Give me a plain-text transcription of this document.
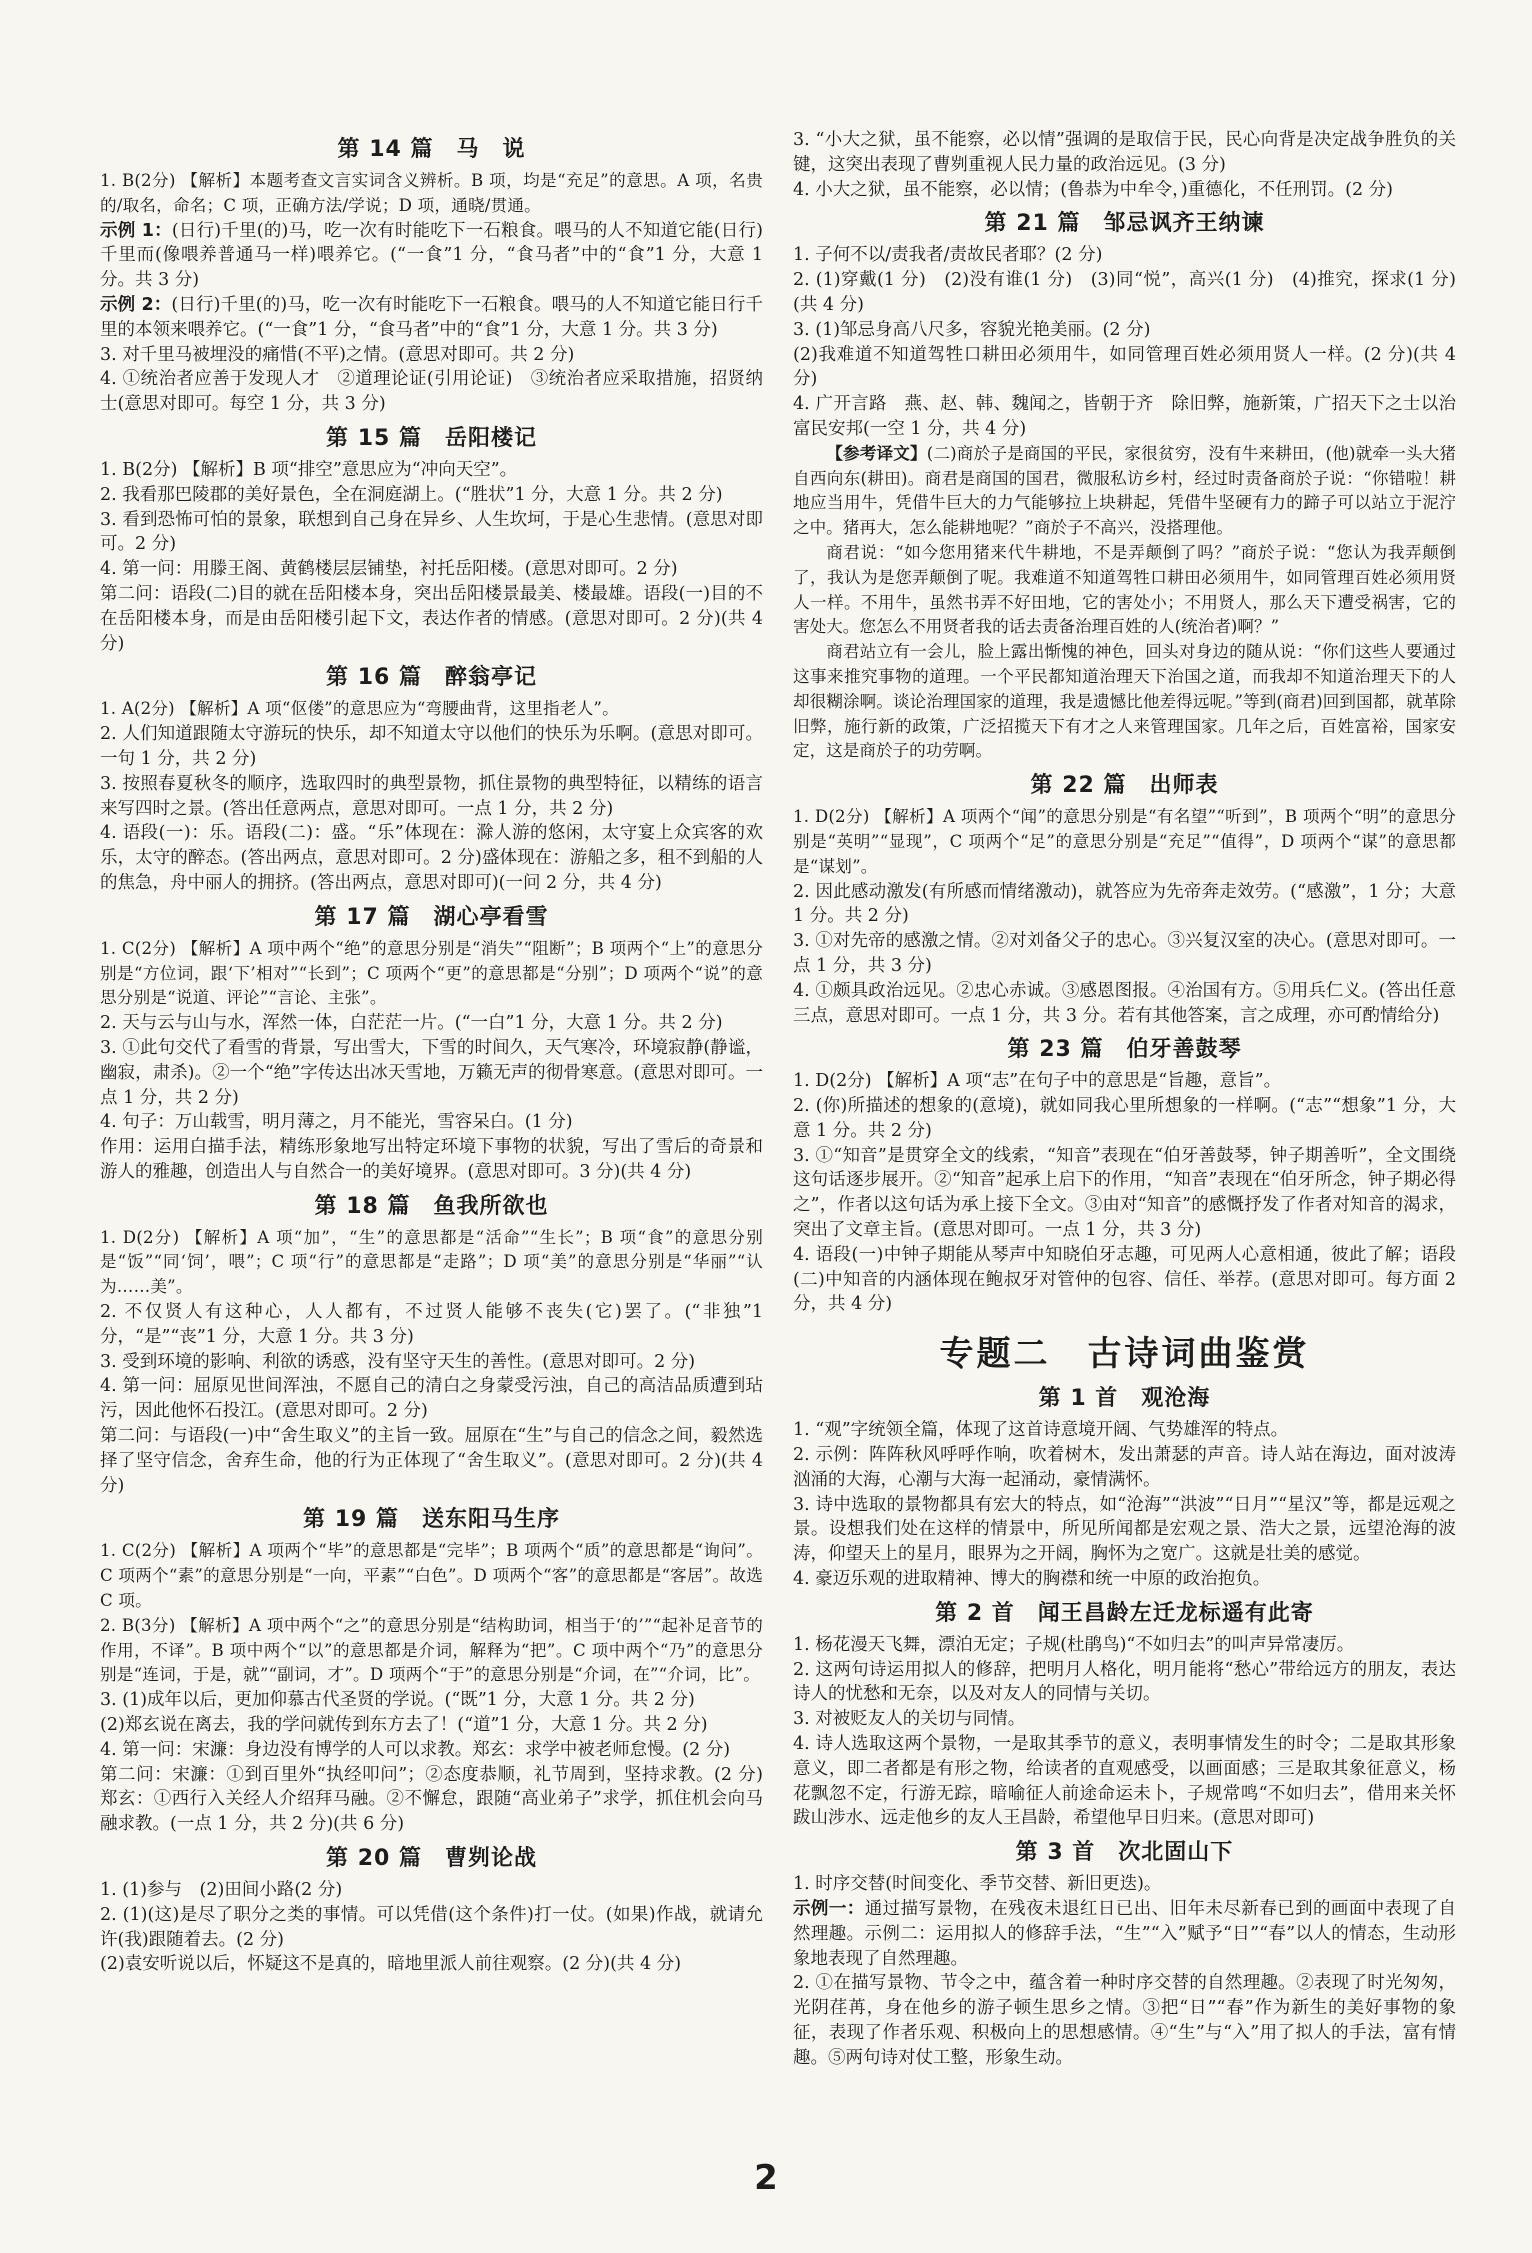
第 14 篇　马　说

1. B(2分) 【解析】本题考查文言实词含义辨析。B 项，均是“充足”的意思。A 项，名贵的/取名，命名；C 项，正确方法/学说；D 项，通晓/贯通。

示例 1：(日行)千里(的)马，吃一次有时能吃下一石粮食。喂马的人不知道它能(日行)千里而(像喂养普通马一样)喂养它。(“一食”1 分，“食马者”中的“食”1 分，大意 1 分。共 3 分)

示例 2：(日行)千里(的)马，吃一次有时能吃下一石粮食。喂马的人不知道它能日行千里的本领来喂养它。(“一食”1 分，“食马者”中的“食”1 分，大意 1 分。共 3 分)

3. 对千里马被埋没的痛惜(不平)之情。(意思对即可。共 2 分)

4. ①统治者应善于发现人才　②道理论证(引用论证)　③统治者应采取措施，招贤纳士(意思对即可。每空 1 分，共 3 分)

第 15 篇　岳阳楼记

1. B(2分) 【解析】B 项“排空”意思应为“冲向天空”。

2. 我看那巴陵郡的美好景色，全在洞庭湖上。(“胜状”1 分，大意 1 分。共 2 分)

3. 看到恐怖可怕的景象，联想到自己身在异乡、人生坎坷，于是心生悲情。(意思对即可。2 分)

4. 第一问：用滕王阁、黄鹤楼层层铺垫，衬托岳阳楼。(意思对即可。2 分)

第二问：语段(二)目的就在岳阳楼本身，突出岳阳楼景最美、楼最雄。语段(一)目的不在岳阳楼本身，而是由岳阳楼引起下文，表达作者的情感。(意思对即可。2 分)(共 4 分)

第 16 篇　醉翁亭记

1. A(2分) 【解析】A 项“伛偻”的意思应为“弯腰曲背，这里指老人”。

2. 人们知道跟随太守游玩的快乐，却不知道太守以他们的快乐为乐啊。(意思对即可。一句 1 分，共 2 分)

3. 按照春夏秋冬的顺序，选取四时的典型景物，抓住景物的典型特征，以精练的语言来写四时之景。(答出任意两点，意思对即可。一点 1 分，共 2 分)

4. 语段(一)：乐。语段(二)：盛。“乐”体现在：滁人游的悠闲，太守宴上众宾客的欢乐，太守的醉态。(答出两点，意思对即可。2 分)盛体现在：游船之多，租不到船的人的焦急，舟中丽人的拥挤。(答出两点，意思对即可)(一问 2 分，共 4 分)

第 17 篇　湖心亭看雪

1. C(2分) 【解析】A 项中两个“绝”的意思分别是“消失”“阻断”；B 项两个“上”的意思分别是“方位词，跟‘下’相对”“长到”；C 项两个“更”的意思都是“分别”；D 项两个“说”的意思分别是“说道、评论”“言论、主张”。

2. 天与云与山与水，浑然一体，白茫茫一片。(“一白”1 分，大意 1 分。共 2 分)

3. ①此句交代了看雪的背景，写出雪大，下雪的时间久，天气寒冷，环境寂静(静谧，幽寂，肃杀)。②一个“绝”字传达出冰天雪地，万籁无声的彻骨寒意。(意思对即可。一点 1 分，共 2 分)

4. 句子：万山载雪，明月薄之，月不能光，雪容呆白。(1 分)

作用：运用白描手法，精练形象地写出特定环境下事物的状貌，写出了雪后的奇景和游人的雅趣，创造出人与自然合一的美好境界。(意思对即可。3 分)(共 4 分)

第 18 篇　鱼我所欲也

1. D(2分) 【解析】A 项“加”，“生”的意思都是“活命”“生长”；B 项“食”的意思分别是“饭”“同‘饲’，喂”；C 项“行”的意思都是“走路”；D 项“美”的意思分别是“华丽”“认为……美”。

2. 不仅贤人有这种心，人人都有，不过贤人能够不丧失(它)罢了。(“非独”1 分，“是”“丧”1 分，大意 1 分。共 3 分)

3. 受到环境的影响、利欲的诱惑，没有坚守天生的善性。(意思对即可。2 分)

4. 第一问：屈原见世间浑浊，不愿自己的清白之身蒙受污浊，自己的高洁品质遭到玷污，因此他怀石投江。(意思对即可。2 分)

第二问：与语段(一)中“舍生取义”的主旨一致。屈原在“生”与自己的信念之间，毅然选择了坚守信念，舍弃生命，他的行为正体现了“舍生取义”。(意思对即可。2 分)(共 4 分)

第 19 篇　送东阳马生序

1. C(2分) 【解析】A 项两个“毕”的意思都是“完毕”；B 项两个“质”的意思都是“询问”。C 项两个“素”的意思分别是“一向，平素”“白色”。D 项两个“客”的意思都是“客居”。故选 C 项。

2. B(3分) 【解析】A 项中两个“之”的意思分别是“结构助词，相当于‘的’”“起补足音节的作用，不译”。B 项中两个“以”的意思都是介词，解释为“把”。C 项中两个“乃”的意思分别是“连词，于是，就”“副词，才”。D 项两个“于”的意思分别是“介词，在”“介词，比”。

3. (1)成年以后，更加仰慕古代圣贤的学说。(“既”1 分，大意 1 分。共 2 分)

(2)郑玄说在离去，我的学问就传到东方去了！(“道”1 分，大意 1 分。共 2 分)

4. 第一问：宋濂：身边没有博学的人可以求教。郑玄：求学中被老师怠慢。(2 分)

第二问：宋濂：①到百里外“执经叩问”；②态度恭顺，礼节周到，坚持求教。(2 分)　郑玄：①西行入关经人介绍拜马融。②不懈怠，跟随“高业弟子”求学，抓住机会向马融求教。(一点 1 分，共 2 分)(共 6 分)

第 20 篇　曹刿论战

1. (1)参与　(2)田间小路(2 分)

2. (1)(这)是尽了职分之类的事情。可以凭借(这个条件)打一仗。(如果)作战，就请允许(我)跟随着去。(2 分)

(2)袁安听说以后，怀疑这不是真的，暗地里派人前往观察。(2 分)(共 4 分)

3. “小大之狱，虽不能察，必以情”强调的是取信于民，民心向背是决定战争胜负的关键，这突出表现了曹刿重视人民力量的政治远见。(3 分)

4. 小大之狱，虽不能察，必以情；(鲁恭为中牟令，)重德化，不任刑罚。(2 分)

第 21 篇　邹忌讽齐王纳谏

1. 子何不以/责我者/责故民者耶？(2 分)

2. (1)穿戴(1 分)　(2)没有谁(1 分)　(3)同“悦”，高兴(1 分)　(4)推究，探求(1 分)(共 4 分)

3. (1)邹忌身高八尺多，容貌光艳美丽。(2 分)

(2)我难道不知道驾牲口耕田必须用牛，如同管理百姓必须用贤人一样。(2 分)(共 4 分)

4. 广开言路　燕、赵、韩、魏闻之，皆朝于齐　除旧弊，施新策，广招天下之士以治　富民安邦(一空 1 分，共 4 分)

【参考译文】(二)商於子是商国的平民，家很贫穷，没有牛来耕田，(他)就牵一头大猪自西向东(耕田)。商君是商国的国君，微服私访乡村，经过时责备商於子说：“你错啦！耕地应当用牛，凭借牛巨大的力气能够拉上块耕起，凭借牛坚硬有力的蹄子可以站立于泥泞之中。猪再大，怎么能耕地呢？”商於子不高兴，没搭理他。

商君说：“如今您用猪来代牛耕地，不是弄颠倒了吗？”商於子说：“您认为我弄颠倒了，我认为是您弄颠倒了呢。我难道不知道驾牲口耕田必须用牛，如同管理百姓必须用贤人一样。不用牛，虽然书弄不好田地，它的害处小；不用贤人，那么天下遭受祸害，它的害处大。您怎么不用贤者我的话去责备治理百姓的人(统治者)啊？”

商君站立有一会儿，脸上露出惭愧的神色，回头对身边的随从说：“你们这些人要通过这事来推究事物的道理。一个平民都知道治理天下治国之道，而我却不知道治理天下的人却很糊涂啊。谈论治理国家的道理，我是遗憾比他差得远呢。”等到(商君)回到国都，就革除旧弊，施行新的政策，广泛招揽天下有才之人来管理国家。几年之后，百姓富裕，国家安定，这是商於子的功劳啊。

第 22 篇　出师表

1. D(2分) 【解析】A 项两个“闻”的意思分别是“有名望”“听到”，B 项两个“明”的意思分别是“英明”“显现”，C 项两个“足”的意思分别是“充足”“值得”，D 项两个“谋”的意思都是“谋划”。

2. 因此感动激发(有所感而情绪激动)，就答应为先帝奔走效劳。(“感激”，1 分；大意 1 分。共 2 分)

3. ①对先帝的感激之情。②对刘备父子的忠心。③兴复汉室的决心。(意思对即可。一点 1 分，共 3 分)

4. ①颇具政治远见。②忠心赤诚。③感恩图报。④治国有方。⑤用兵仁义。(答出任意三点，意思对即可。一点 1 分，共 3 分。若有其他答案，言之成理，亦可酌情给分)

第 23 篇　伯牙善鼓琴

1. D(2分) 【解析】A 项“志”在句子中的意思是“旨趣，意旨”。

2. (你)所描述的想象的(意境)，就如同我心里所想象的一样啊。(“志”“想象”1 分，大意 1 分。共 2 分)

3. ①“知音”是贯穿全文的线索，“知音”表现在“伯牙善鼓琴，钟子期善听”，全文围绕这句话逐步展开。②“知音”起承上启下的作用，“知音”表现在“伯牙所念，钟子期必得之”，作者以这句话为承上接下全文。③由对“知音”的感慨抒发了作者对知音的渴求，突出了文章主旨。(意思对即可。一点 1 分，共 3 分)

4. 语段(一)中钟子期能从琴声中知晓伯牙志趣，可见两人心意相通，彼此了解；语段(二)中知音的内涵体现在鲍叔牙对管仲的包容、信任、举荐。(意思对即可。每方面 2 分，共 4 分)

专题二　古诗词曲鉴赏
第 1 首　观沧海

1. “观”字统领全篇，体现了这首诗意境开阔、气势雄浑的特点。

2. 示例：阵阵秋风呼呼作响，吹着树木，发出萧瑟的声音。诗人站在海边，面对波涛汹涌的大海，心潮与大海一起涌动，豪情满怀。

3. 诗中选取的景物都具有宏大的特点，如“沧海”“洪波”“日月”“星汉”等，都是远观之景。设想我们处在这样的情景中，所见所闻都是宏观之景、浩大之景，远望沧海的波涛，仰望天上的星月，眼界为之开阔，胸怀为之宽广。这就是壮美的感觉。

4. 豪迈乐观的进取精神、博大的胸襟和统一中原的政治抱负。

第 2 首　闻王昌龄左迁龙标遥有此寄

1. 杨花漫天飞舞，漂泊无定；子规(杜鹃鸟)“不如归去”的叫声异常凄厉。

2. 这两句诗运用拟人的修辞，把明月人格化，明月能将“愁心”带给远方的朋友，表达诗人的忧愁和无奈，以及对友人的同情与关切。

3. 对被贬友人的关切与同情。

4. 诗人选取这两个景物，一是取其季节的意义，表明事情发生的时令；二是取其形象意义，即二者都是有形之物，给读者的直观感受，以画面感；三是取其象征意义，杨花飘忽不定，行游无踪，暗喻征人前途命运未卜，子规常鸣“不如归去”，借用来关怀跋山涉水、远走他乡的友人王昌龄，希望他早日归来。(意思对即可)

第 3 首　次北固山下

1. 时序交替(时间变化、季节交替、新旧更迭)。

示例一：通过描写景物，在残夜未退红日已出、旧年未尽新春已到的画面中表现了自然理趣。示例二：运用拟人的修辞手法，“生”“入”赋予“日”“春”以人的情态，生动形象地表现了自然理趣。

2. ①在描写景物、节令之中，蕴含着一种时序交替的自然理趣。②表现了时光匆匆，光阴荏苒，身在他乡的游子顿生思乡之情。③把“日”“春”作为新生的美好事物的象征，表现了作者乐观、积极向上的思想感情。④“生”与“入”用了拟人的手法，富有情趣。⑤两句诗对仗工整，形象生动。

2
